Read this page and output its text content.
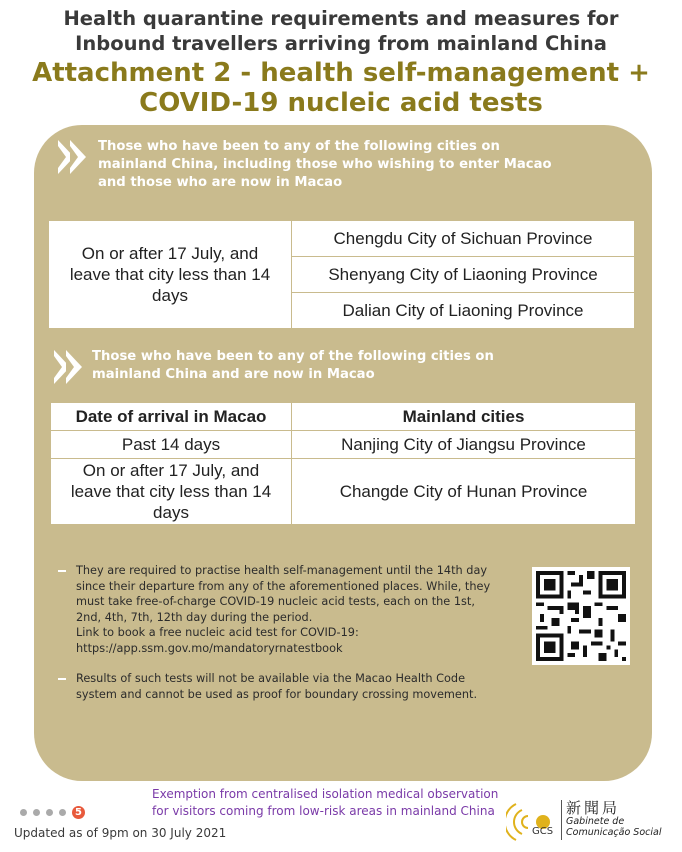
Health quarantine requirements and measures for
Inbound travellers arriving from mainland China
Attachment 2 - health self-management +
COVID-19 nucleic acid tests
Those who have been to any of the following cities on
mainland China, including those who wishing to enter Macao
and those who are now in Macao
On or after 17 July, and
leave that city less than 14
days
	Chengdu City of Sichuan Province
Shenyang City of Liaoning Province
Dalian City of Liaoning Province
Those who have been to any of the following cities on
mainland China and are now in Macao
Date of arrival in Macao	Mainland cities
Past 14 days	Nanjing City of Jiangsu Province

On or after 17 July, and
leave that city less than 14
days	Changde City of Hunan Province
They are required to practise health self-management until the 14th day
since their departure from any of the aforementioned places. While, they
must take free-of-charge COVID-19 nucleic acid tests, each on the 1st,
2nd, 4th, 7th, 12th day during the period.
Link to book a free nucleic acid test for COVID-19:
https://app.ssm.gov.mo/mandatoryrnatestbook
Results of such tests will not be available via the Macao Health Code
system and cannot be used as proof for boundary crossing movement.
Exemption from centralised isolation medical observation
for visitors coming from low-risk areas in mainland China
5
Updated as of 9pm on 30 July 2021	GCS
新聞局
Gabinete de
Comunicação Social
